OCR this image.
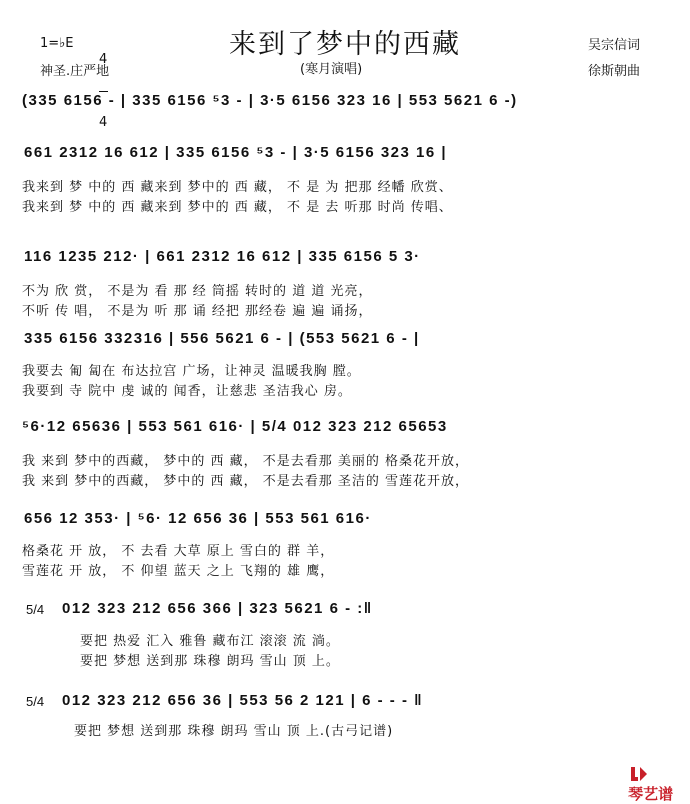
1=♭E

4

4

来到了梦中的西藏	吴宗信词
神圣.庄严地	(寒月演唱)	徐斯朝曲
(335 6156 - | 335 6156 ⁵3 - | 3·5 6156 323 16 | 553 5621 6 -)
661 2312 16 612 | 335 6156 ⁵3 - | 3·5 6156 323 16 |
我来到 梦 中的 西 藏来到 梦中的 西 藏， 不 是 为 把那 经幡 欣赏、
我来到 梦 中的 西 藏来到 梦中的 西 藏， 不 是 去 听那 时尚 传唱、
116 1235 212· | 661 2312 16 612 | 335 6156 5 3·
不为 欣 赏， 不是为 看 那 经 筒摇 转时的 道 道 光亮，
不听 传 唱， 不是为 听 那 诵 经把 那经卷 遍 遍 诵扬，
335 6156 332316 | 556 5621 6 - | (553 5621 6 - |
我要去 匍 匐在 布达拉宫 广场，让神灵 温暖我胸 膛。
我要到 寺 院中 虔 诚的 闻香，让慈悲 圣洁我心 房。
⁵6·12 65636 | 553 561 616· | 5/4 012 323 212 65653
我 来到 梦中的西藏， 梦中的 西 藏， 不是去看那 美丽的 格桑花开放，
我 来到 梦中的西藏， 梦中的 西 藏， 不是去看那 圣洁的 雪莲花开放，
656 12 353· | ⁵6· 12 656 36 | 553 561 616·
格桑花 开 放， 不 去看 大草 原上 雪白的 群 羊，
雪莲花 开 放， 不 仰望 蓝天 之上 飞翔的 雄 鹰，
5/4 012 323 212 656 366 | 323 5621 6 - :‖
要把 热爱 汇入 雅鲁 藏布江 滚滚 流 淌。
要把 梦想 送到那 珠穆 朗玛 雪山 顶 上。
5/4 012 323 212 656 36 | 553 56 2 121 | 6 - - - ‖
要把 梦想 送到那 珠穆 朗玛 雪山 顶 上.(古弓记谱)

琴艺谱
